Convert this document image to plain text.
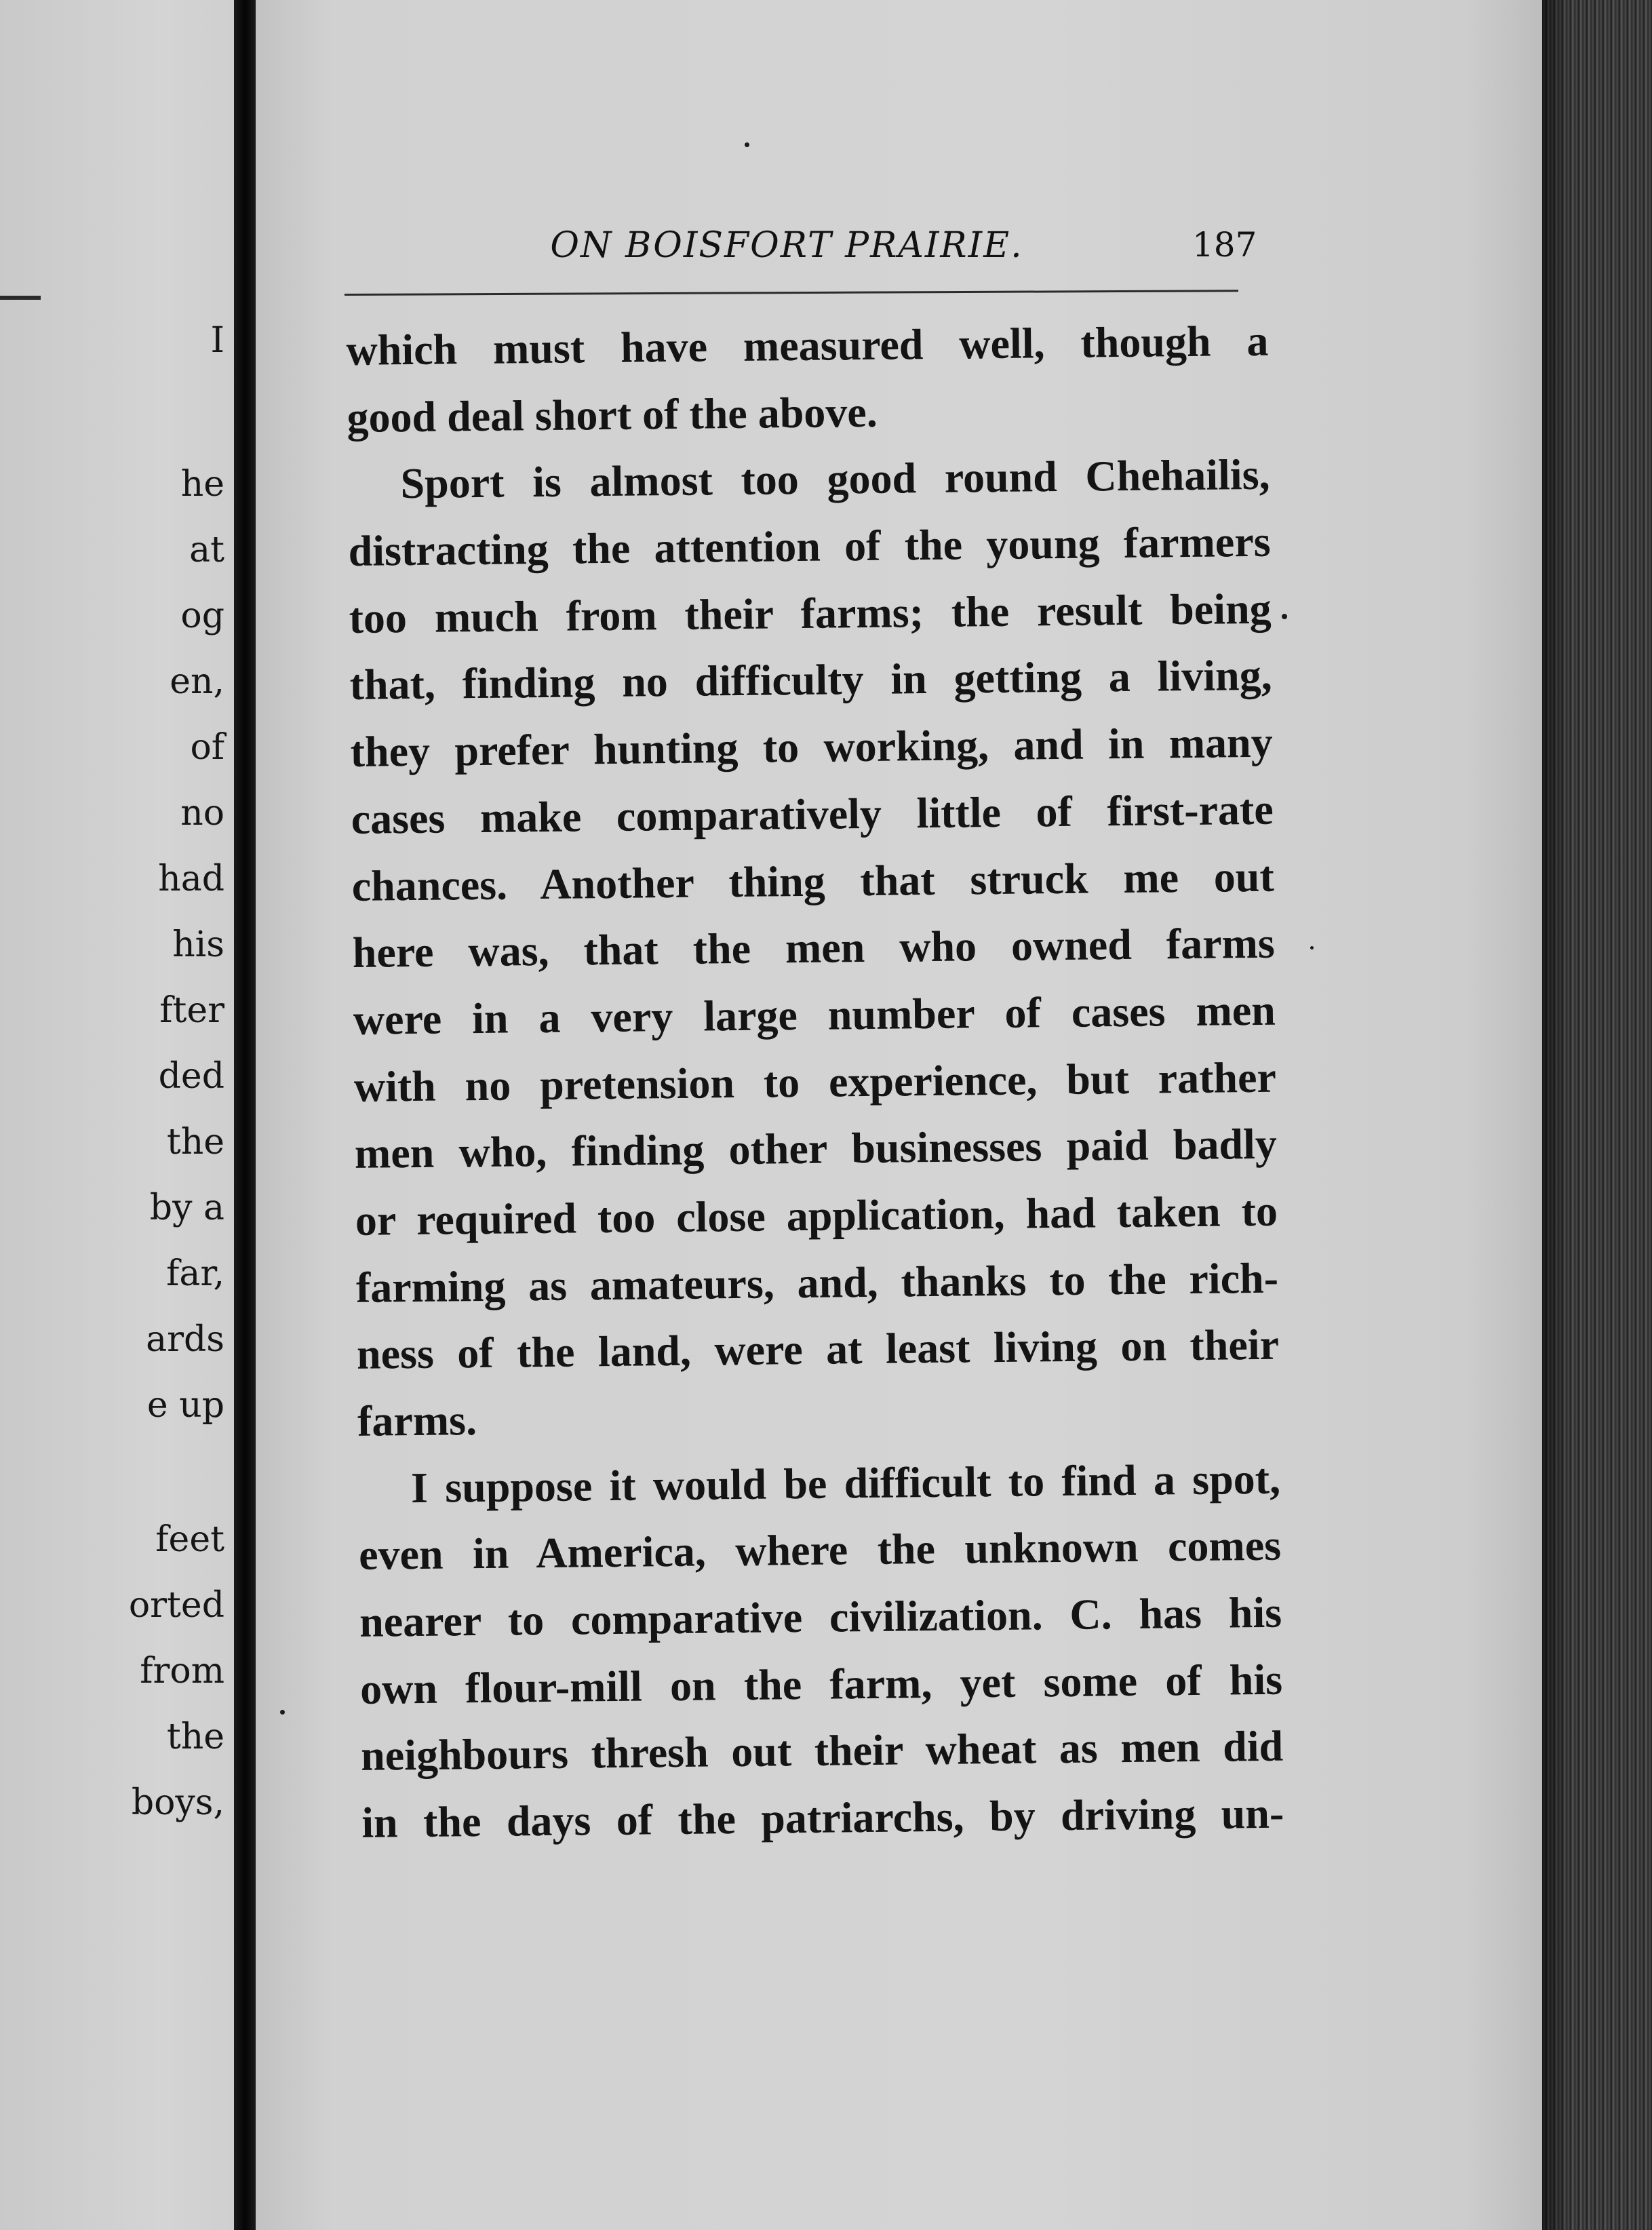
I
he
at
og
en,
of
no
had
his
fter
ded
the
by a
far,
ards
e up
feet
orted
from
the
boys,
ON BOISFORT PRAIRIE.	187
which must have measured well, though a
good deal short of the above.
Sport is almost too good round Chehailis,
distracting the attention of the young farmers
too much from their farms; the result being
that, finding no difficulty in getting a living,
they prefer hunting to working, and in many
cases make comparatively little of first-rate
chances. Another thing that struck me out
here was, that the men who owned farms
were in a very large number of cases men
with no pretension to experience, but rather
men who, finding other businesses paid badly
or required too close application, had taken to
farming as amateurs, and, thanks to the rich-
ness of the land, were at least living on their
farms.
I suppose it would be difficult to find a spot,
even in America, where the unknown comes
nearer to comparative civilization. C. has his
own flour-mill on the farm, yet some of his
neighbours thresh out their wheat as men did
in the days of the patriarchs, by driving un-
